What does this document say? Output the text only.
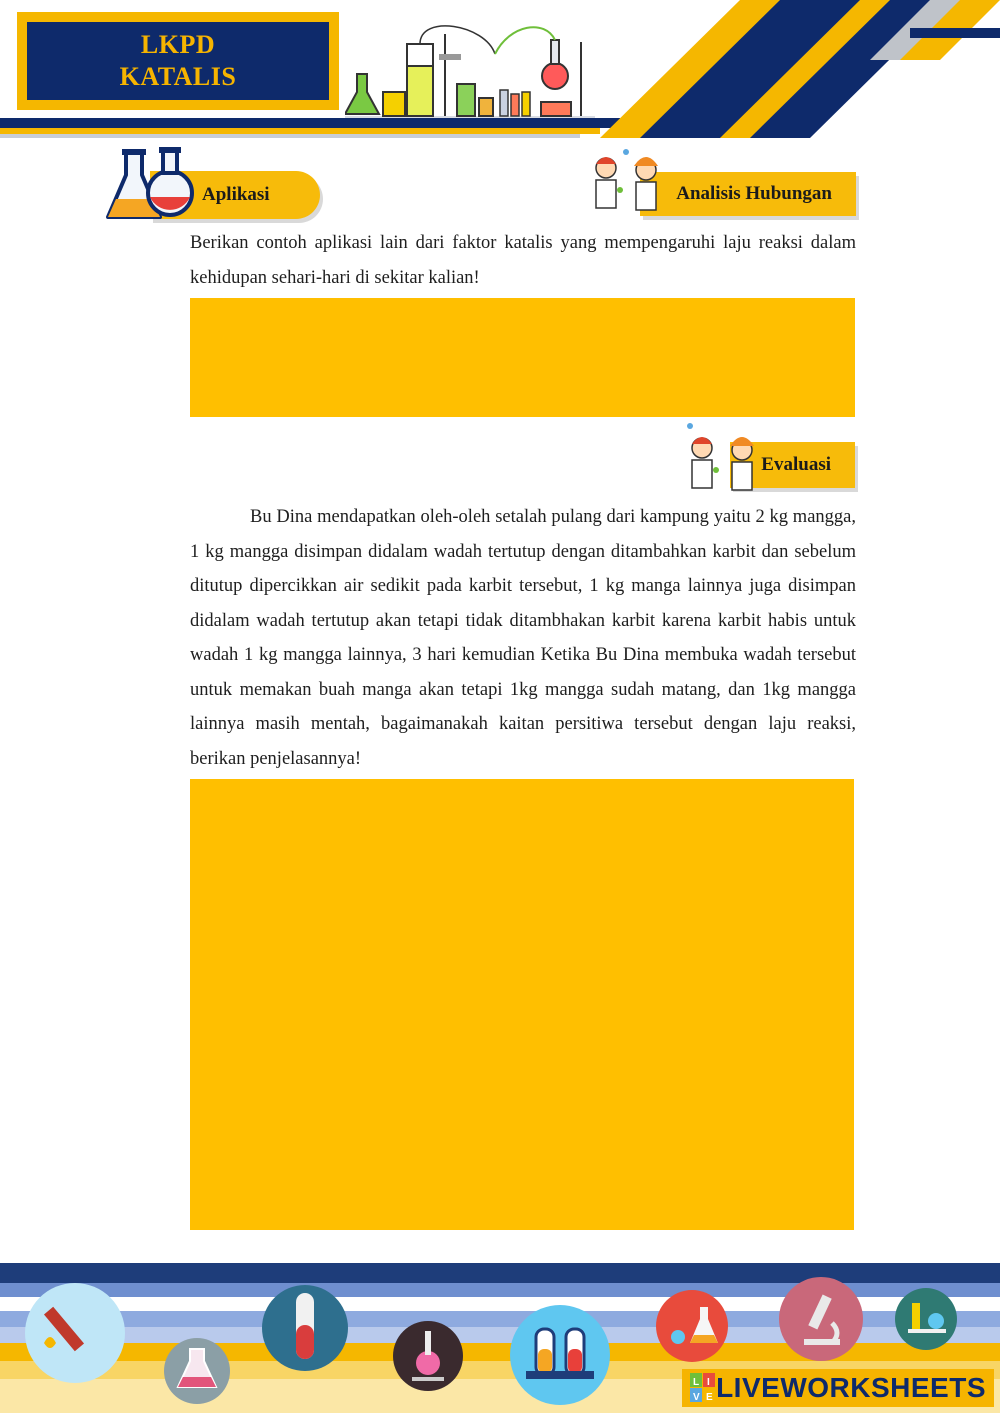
LKPD
KATALIS
Aplikasi	Analisis Hubungan

Berikan contoh aplikasi lain dari faktor katalis yang mempengaruhi laju reaksi dalam kehidupan sehari-hari di sekitar kalian!

Evaluasi

Bu Dina mendapatkan oleh-oleh setalah pulang dari kampung yaitu 2 kg mangga, 1 kg mangga disimpan didalam wadah tertutup dengan ditambahkan karbit dan sebelum ditutup dipercikkan air sedikit pada karbit tersebut, 1 kg manga lainnya juga disimpan didalam wadah tertutup akan tetapi tidak ditambhakan karbit karena karbit habis untuk wadah 1 kg mangga lainnya, 3 hari kemudian Ketika Bu Dina membuka wadah tersebut untuk memakan buah manga akan tetapi 1kg mangga sudah matang, dan 1kg mangga lainnya masih mentah, bagaimanakah kaitan persitiwa tersebut dengan laju reaksi, berikan penjelasannya!

L I
V E LIVEWORKSHEETS
